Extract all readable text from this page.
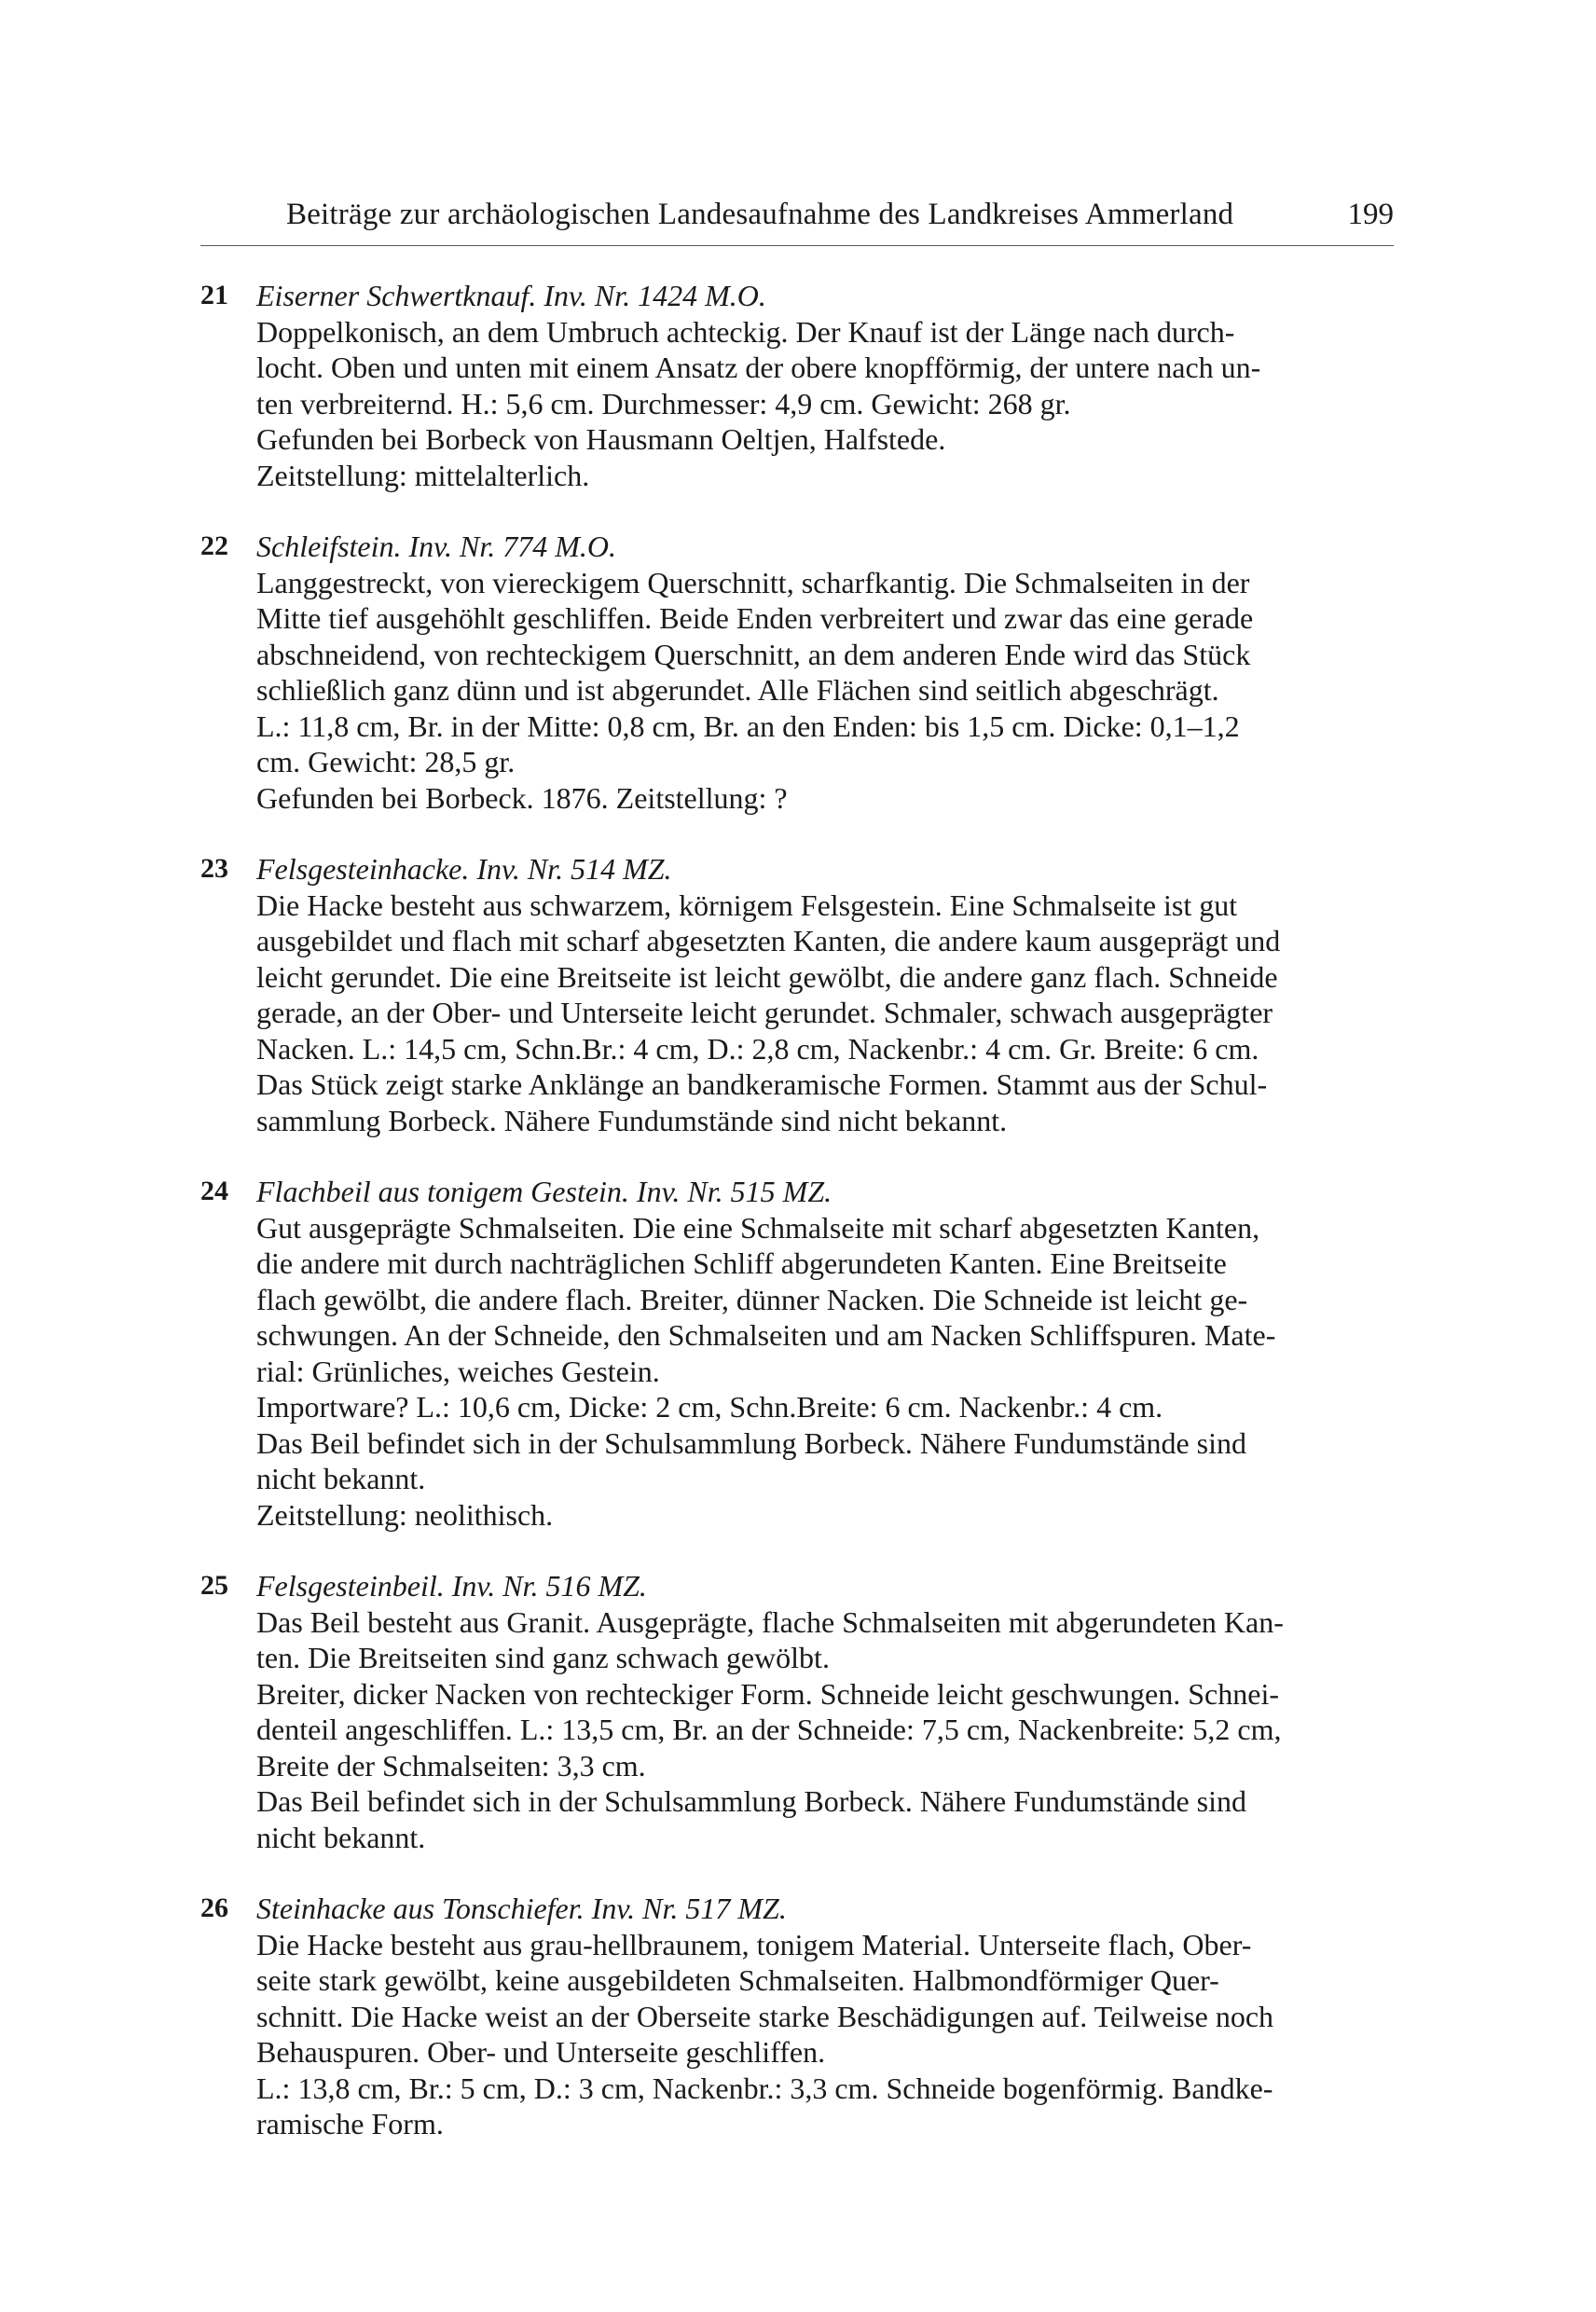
Beiträge zur archäologischen Landesaufnahme des Landkreises Ammerland	199
21 Eiserner Schwertknauf. Inv. Nr. 1424 M.O.
Doppelkonisch, an dem Umbruch achteckig. Der Knauf ist der Länge nach durch-
locht. Oben und unten mit einem Ansatz der obere knopfförmig, der untere nach un-
ten verbreiternd. H.: 5,6 cm. Durchmesser: 4,9 cm. Gewicht: 268 gr.
Gefunden bei Borbeck von Hausmann Oeltjen, Halfstede.
Zeitstellung: mittelalterlich.
22 Schleifstein. Inv. Nr. 774 M.O.
Langgestreckt, von viereckigem Querschnitt, scharfkantig. Die Schmalseiten in der
Mitte tief ausgehöhlt geschliffen. Beide Enden verbreitert und zwar das eine gerade
abschneidend, von rechteckigem Querschnitt, an dem anderen Ende wird das Stück
schließlich ganz dünn und ist abgerundet. Alle Flächen sind seitlich abgeschrägt.
L.: 11,8 cm, Br. in der Mitte: 0,8 cm, Br. an den Enden: bis 1,5 cm. Dicke: 0,1–1,2
cm. Gewicht: 28,5 gr.
Gefunden bei Borbeck. 1876. Zeitstellung: ?
23 Felsgesteinhacke. Inv. Nr. 514 MZ.
Die Hacke besteht aus schwarzem, körnigem Felsgestein. Eine Schmalseite ist gut
ausgebildet und flach mit scharf abgesetzten Kanten, die andere kaum ausgeprägt und
leicht gerundet. Die eine Breitseite ist leicht gewölbt, die andere ganz flach. Schneide
gerade, an der Ober- und Unterseite leicht gerundet. Schmaler, schwach ausgeprägter
Nacken. L.: 14,5 cm, Schn.Br.: 4 cm, D.: 2,8 cm, Nackenbr.: 4 cm. Gr. Breite: 6 cm.
Das Stück zeigt starke Anklänge an bandkeramische Formen. Stammt aus der Schul-
sammlung Borbeck. Nähere Fundumstände sind nicht bekannt.
24 Flachbeil aus tonigem Gestein. Inv. Nr. 515 MZ.
Gut ausgeprägte Schmalseiten. Die eine Schmalseite mit scharf abgesetzten Kanten,
die andere mit durch nachträglichen Schliff abgerundeten Kanten. Eine Breitseite
flach gewölbt, die andere flach. Breiter, dünner Nacken. Die Schneide ist leicht ge-
schwungen. An der Schneide, den Schmalseiten und am Nacken Schliffspuren. Mate-
rial: Grünliches, weiches Gestein.
Importware? L.: 10,6 cm, Dicke: 2 cm, Schn.Breite: 6 cm. Nackenbr.: 4 cm.
Das Beil befindet sich in der Schulsammlung Borbeck. Nähere Fundumstände sind
nicht bekannt.
Zeitstellung: neolithisch.
25 Felsgesteinbeil. Inv. Nr. 516 MZ.
Das Beil besteht aus Granit. Ausgeprägte, flache Schmalseiten mit abgerundeten Kan-
ten. Die Breitseiten sind ganz schwach gewölbt.
Breiter, dicker Nacken von rechteckiger Form. Schneide leicht geschwungen. Schnei-
denteil angeschliffen. L.: 13,5 cm, Br. an der Schneide: 7,5 cm, Nackenbreite: 5,2 cm,
Breite der Schmalseiten: 3,3 cm.
Das Beil befindet sich in der Schulsammlung Borbeck. Nähere Fundumstände sind
nicht bekannt.
26 Steinhacke aus Tonschiefer. Inv. Nr. 517 MZ.
Die Hacke besteht aus grau-hellbraunem, tonigem Material. Unterseite flach, Ober-
seite stark gewölbt, keine ausgebildeten Schmalseiten. Halbmondförmiger Quer-
schnitt. Die Hacke weist an der Oberseite starke Beschädigungen auf. Teilweise noch
Behauspuren. Ober- und Unterseite geschliffen.
L.: 13,8 cm, Br.: 5 cm, D.: 3 cm, Nackenbr.: 3,3 cm. Schneide bogenförmig. Bandke-
ramische Form.
